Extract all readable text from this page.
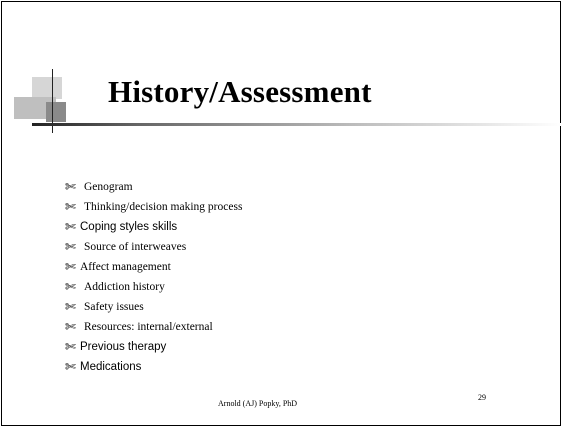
History/Assessment
✄ Genogram
✄ Thinking/decision making process
✄ Coping styles skills
✄ Source of interweaves
✄ Affect management
✄ Addiction history
✄ Safety issues
✄ Resources: internal/external
✄ Previous therapy
✄ Medications
Arnold (AJ) Popky, PhD
29
